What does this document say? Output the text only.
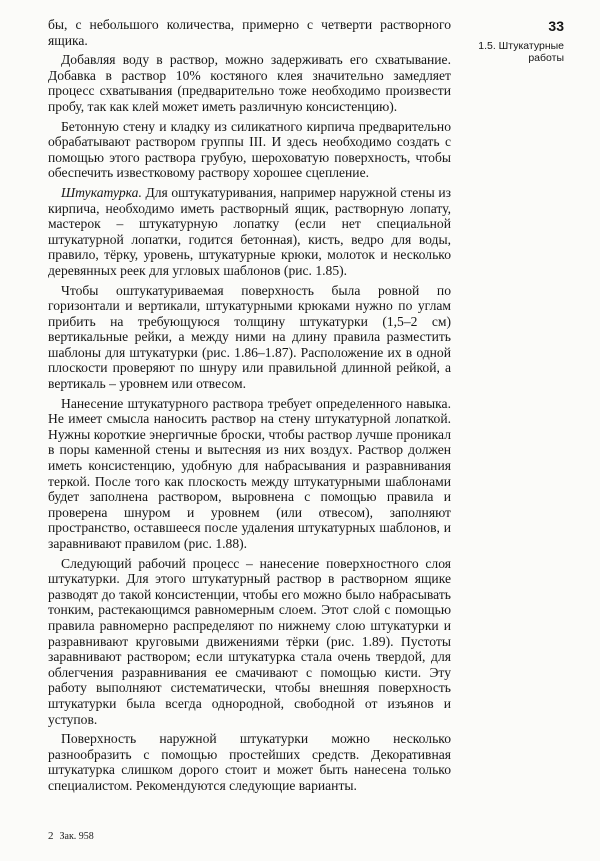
33
1.5. Штукатурные
работы

бы, с небольшого количества, примерно с четверти растворного ящика.

Добавляя воду в раствор, можно задерживать его схватывание. Добавка в раствор 10% костяного клея значительно замедляет процесс схватывания (предварительно тоже необходимо произвести пробу, так как клей может иметь различную консистенцию).

Бетонную стену и кладку из силикатного кирпича предварительно обрабатывают раствором группы III. И здесь необходимо создать с помощью этого раствора грубую, шероховатую поверхность, чтобы обеспечить известковому раствору хорошее сцепление.

Штукатурка. Для оштукатуривания, например наружной стены из кирпича, необходимо иметь растворный ящик, растворную лопату, мастерок – штукатурную лопатку (если нет специальной штукатурной лопатки, годится бетонная), кисть, ведро для воды, правило, тёрку, уровень, штукатурные крюки, молоток и несколько деревянных реек для угловых шаблонов (рис. 1.85).

Чтобы оштукатуриваемая поверхность была ровной по горизонтали и вертикали, штукатурными крюками нужно по углам прибить на требующуюся толщину штукатурки (1,5–2 см) вертикальные рейки, а между ними на длину правила разместить шаблоны для штукатурки (рис. 1.86–1.87). Расположение их в одной плоскости проверяют по шнуру или правильной длинной рейкой, а вертикаль – уровнем или отвесом.

Нанесение штукатурного раствора требует определенного навыка. Не имеет смысла наносить раствор на стену штукатурной лопаткой. Нужны короткие энергичные броски, чтобы раствор лучше проникал в поры каменной стены и вытесняя из них воздух. Раствор должен иметь консистенцию, удобную для набрасывания и разравнивания теркой. После того как плоскость между штукатурными шаблонами будет заполнена раствором, выровнена с помощью правила и проверена шнуром и уровнем (или отвесом), заполняют пространство, оставшееся после удаления штукатурных шаблонов, и заравнивают правилом (рис. 1.88).

Следующий рабочий процесс – нанесение поверхностного слоя штукатурки. Для этого штукатурный раствор в растворном ящике разводят до такой консистенции, чтобы его можно было набрасывать тонким, растекающимся равномерным слоем. Этот слой с помощью правила равномерно распределяют по нижнему слою штукатурки и разравнивают круговыми движениями тёрки (рис. 1.89). Пустоты заравнивают раствором; если штукатурка стала очень твердой, для облегчения разравнивания ее смачивают с помощью кисти. Эту работу выполняют систематически, чтобы внешняя поверхность штукатурки была всегда однородной, свободной от изъянов и уступов.

Поверхность наружной штукатурки можно несколько разнообразить с помощью простейших средств. Декоративная штукатурка слишком дорого стоит и может быть нанесена только специалистом. Рекомендуются следующие варианты.

2 Зак. 958
